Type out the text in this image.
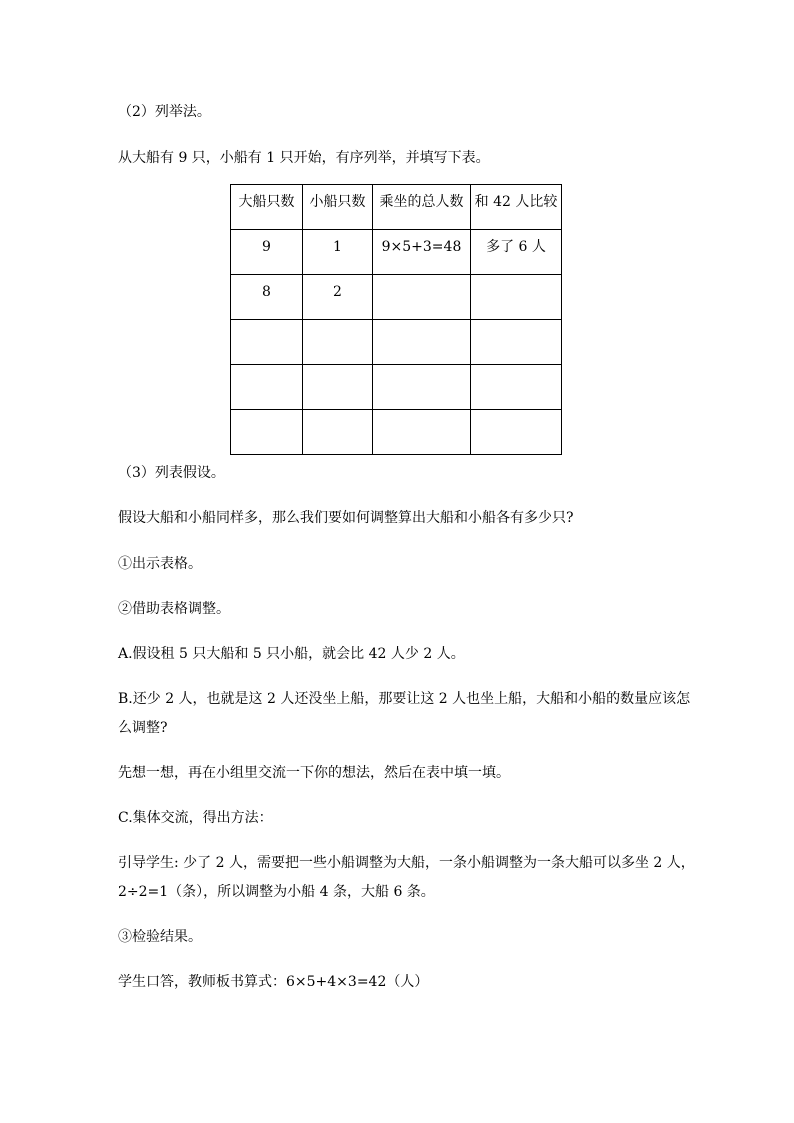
（2）列举法。
从大船有 9 只，小船有 1 只开始，有序列举，并填写下表。
大船只数	小船只数	乘坐的总人数	和 42 人比较
9	1	9×5+3=48	多了 6 人
8	2		

（3）列表假设。
假设大船和小船同样多，那么我们要如何调整算出大船和小船各有多少只?
①出示表格。
②借助表格调整。
A.假设租 5 只大船和 5 只小船，就会比 42 人少 2 人。
B.还少 2 人，也就是这 2 人还没坐上船，那要让这 2 人也坐上船，大船和小船的数量应该怎
么调整?
先想一想，再在小组里交流一下你的想法，然后在表中填一填。
C.集体交流，得出方法：
引导学生: 少了 2 人，需要把一些小船调整为大船，一条小船调整为一条大船可以多坐 2 人，
2÷2=1（条），所以调整为小船 4 条，大船 6 条。
③检验结果。
学生口答，教师板书算式：6×5+4×3=42（人）
